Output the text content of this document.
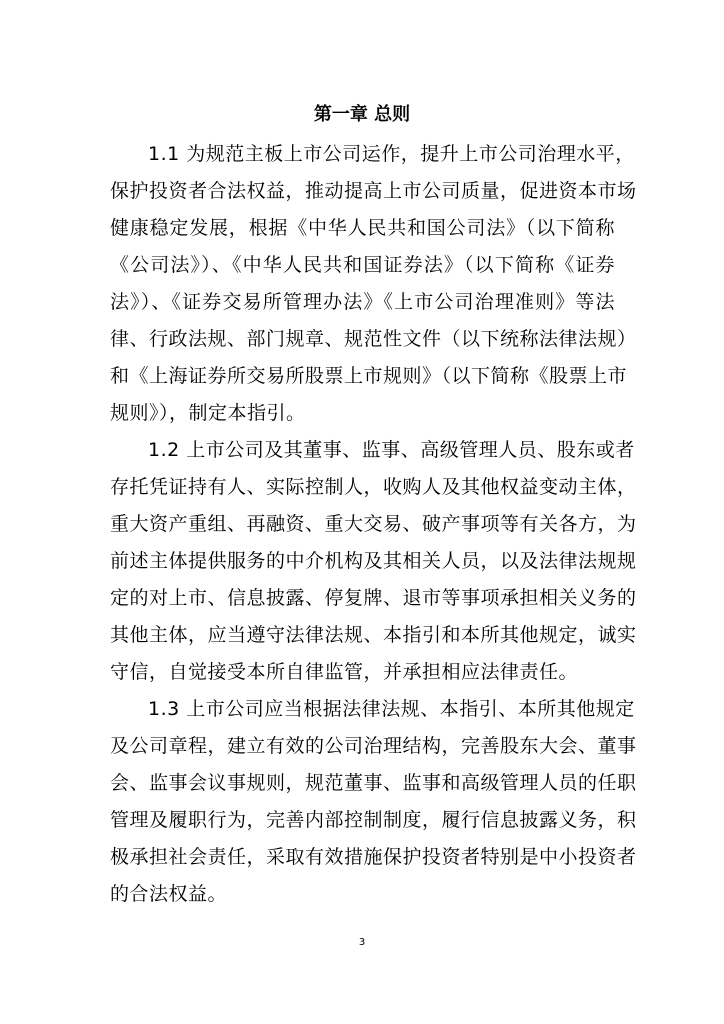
第一章 总则
1.1 为规范主板上市公司运作，提升上市公司治理水平，
保护投资者合法权益，推动提高上市公司质量，促进资本市场
健康稳定发展，根据《中华人民共和国公司法》（以下简称
《公司法》）、《中华人民共和国证券法》（以下简称《证券
法》）、《证券交易所管理办法》《上市公司治理准则》等法
律、行政法规、部门规章、规范性文件（以下统称法律法规）
和《上海证券所交易所股票上市规则》（以下简称《股票上市
规则》），制定本指引。
1.2 上市公司及其董事、监事、高级管理人员、股东或者
存托凭证持有人、实际控制人，收购人及其他权益变动主体，
重大资产重组、再融资、重大交易、破产事项等有关各方，为
前述主体提供服务的中介机构及其相关人员，以及法律法规规
定的对上市、信息披露、停复牌、退市等事项承担相关义务的
其他主体，应当遵守法律法规、本指引和本所其他规定，诚实
守信，自觉接受本所自律监管，并承担相应法律责任。
1.3 上市公司应当根据法律法规、本指引、本所其他规定
及公司章程，建立有效的公司治理结构，完善股东大会、董事
会、监事会议事规则，规范董事、监事和高级管理人员的任职
管理及履职行为，完善内部控制制度，履行信息披露义务，积
极承担社会责任，采取有效措施保护投资者特别是中小投资者
的合法权益。
3
